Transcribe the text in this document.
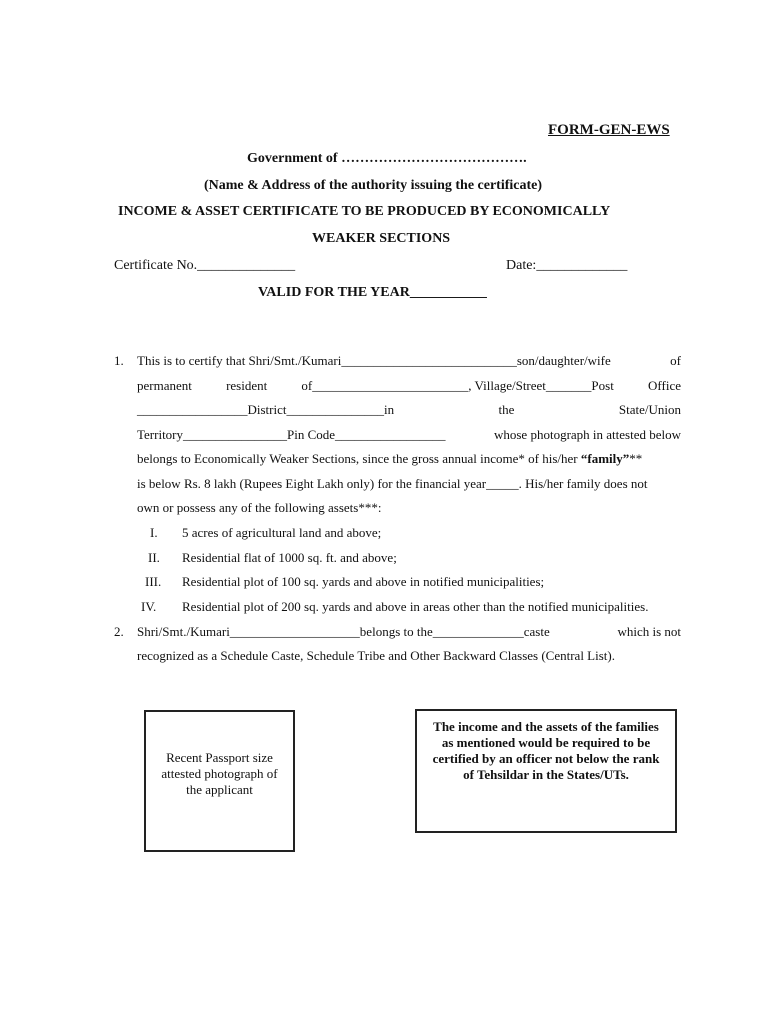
FORM-GEN-EWS
Government of ………………………………….
(Name & Address of the authority issuing the certificate)
INCOME & ASSET CERTIFICATE TO BE PRODUCED BY ECONOMICALLY
WEAKER SECTIONS
Certificate No.______________	Date:_____________
VALID FOR THE YEAR___________
1. This is to certify that Shri/Smt./Kumari___________________________son/daughter/wife	of
permanent	resident	of________________________, Village/Street_______Post	Office
_________________District_______________in	the	State/Union
Territory________________Pin Code_________________	whose photograph in attested below
belongs to Economically Weaker Sections, since the gross annual income* of his/her “family”**
is below Rs. 8 lakh (Rupees Eight Lakh only) for the financial year_____. His/her family does not
own or possess any of the following assets***:
I. 5 acres of agricultural land and above;
II. Residential flat of 1000 sq. ft. and above;
III. Residential plot of 100 sq. yards and above in notified municipalities;
IV. Residential plot of 200 sq. yards and above in areas other than the notified municipalities.
2. Shri/Smt./Kumari____________________belongs to the______________caste	which is not
recognized as a Schedule Caste, Schedule Tribe and Other Backward Classes (Central List).
Recent Passport size
attested photograph of
the applicant
The income and the assets of the families
as mentioned would be required to be
certified by an officer not below the rank
of Tehsildar in the States/UTs.
